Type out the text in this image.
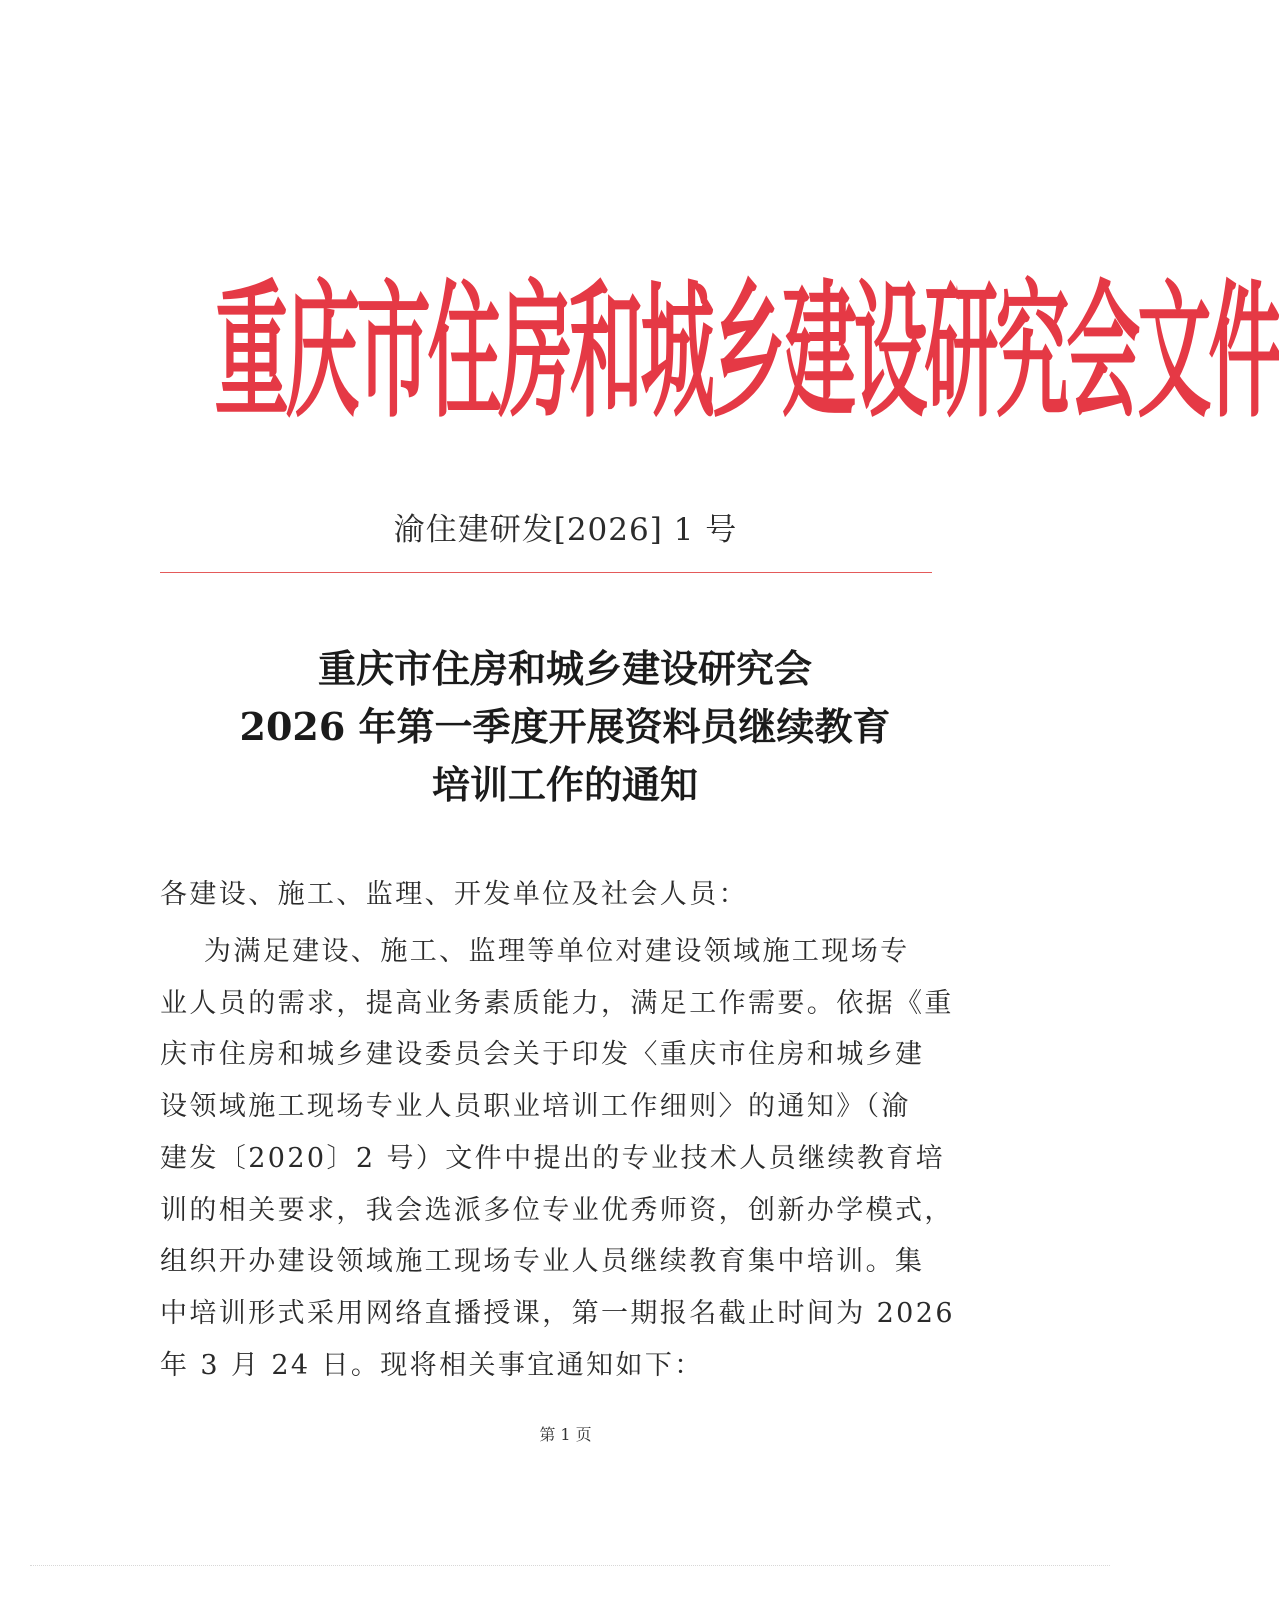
重庆市住房和城乡建设研究会文件
渝住建研发[2026] 1 号
重庆市住房和城乡建设研究会
2026 年第一季度开展资料员继续教育
培训工作的通知
各建设、施工、监理、开发单位及社会人员：
为满足建设、施工、监理等单位对建设领域施工现场专
业人员的需求，提高业务素质能力，满足工作需要。依据《重
庆市住房和城乡建设委员会关于印发〈重庆市住房和城乡建
设领域施工现场专业人员职业培训工作细则〉的通知》（渝
建发〔2020〕2 号）文件中提出的专业技术人员继续教育培
训的相关要求，我会选派多位专业优秀师资，创新办学模式，
组织开办建设领域施工现场专业人员继续教育集中培训。集
中培训形式采用网络直播授课，第一期报名截止时间为 2026
年 3 月 24 日。现将相关事宜通知如下：
第 1 页
